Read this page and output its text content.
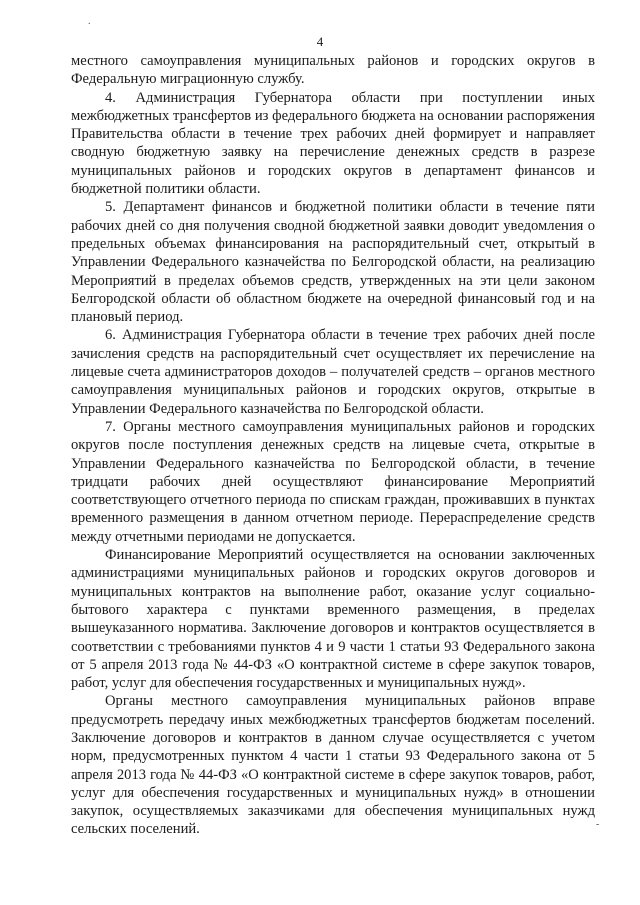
.
4

местного самоуправления муниципальных районов и городских округов в Федеральную миграционную службу.

4. Администрация Губернатора области при поступлении иных межбюджетных трансфертов из федерального бюджета на основании распоряжения Правительства области в течение трех рабочих дней формирует и направляет сводную бюджетную заявку на перечисление денежных средств в разрезе муниципальных районов и городских округов в департамент финансов и бюджетной политики области.

5. Департамент финансов и бюджетной политики области в течение пяти рабочих дней со дня получения сводной бюджетной заявки доводит уведомления о предельных объемах финансирования на распорядительный счет, открытый в Управлении Федерального казначейства по Белгородской области, на реализацию Мероприятий в пределах объемов средств, утвержденных на эти цели законом Белгородской области об областном бюджете на очередной финансовый год и на плановый период.

6. Администрация Губернатора области в течение трех рабочих дней после зачисления средств на распорядительный счет осуществляет их перечисление на лицевые счета администраторов доходов – получателей средств – органов местного самоуправления муниципальных районов и городских округов, открытые в Управлении Федерального казначейства по Белгородской области.

7. Органы местного самоуправления муниципальных районов и городских округов после поступления денежных средств на лицевые счета, открытые в Управлении Федерального казначейства по Белгородской области, в течение тридцати рабочих дней осуществляют финансирование Мероприятий соответствующего отчетного периода по спискам граждан, проживавших в пунктах временного размещения в данном отчетном периоде. Перераспределение средств между отчетными периодами не допускается.

Финансирование Мероприятий осуществляется на основании заключенных администрациями муниципальных районов и городских округов договоров и муниципальных контрактов на выполнение работ, оказание услуг социально-бытового характера с пунктами временного размещения, в пределах вышеуказанного норматива. Заключение договоров и контрактов осуществляется в соответствии с требованиями пунктов 4 и 9 части 1 статьи 93 Федерального закона от 5 апреля 2013 года № 44-ФЗ «О контрактной системе в сфере закупок товаров, работ, услуг для обеспечения государственных и муниципальных нужд».

Органы местного самоуправления муниципальных районов вправе предусмотреть передачу иных межбюджетных трансфертов бюджетам поселений. Заключение договоров и контрактов в данном случае осуществляется с учетом норм, предусмотренных пунктом 4 части 1 статьи 93 Федерального закона от 5 апреля 2013 года № 44-ФЗ «О контрактной системе в сфере закупок товаров, работ, услуг для обеспечения государственных и муниципальных нужд» в отношении закупок, осуществляемых заказчиками для обеспечения муниципальных нужд сельских поселений.	-
